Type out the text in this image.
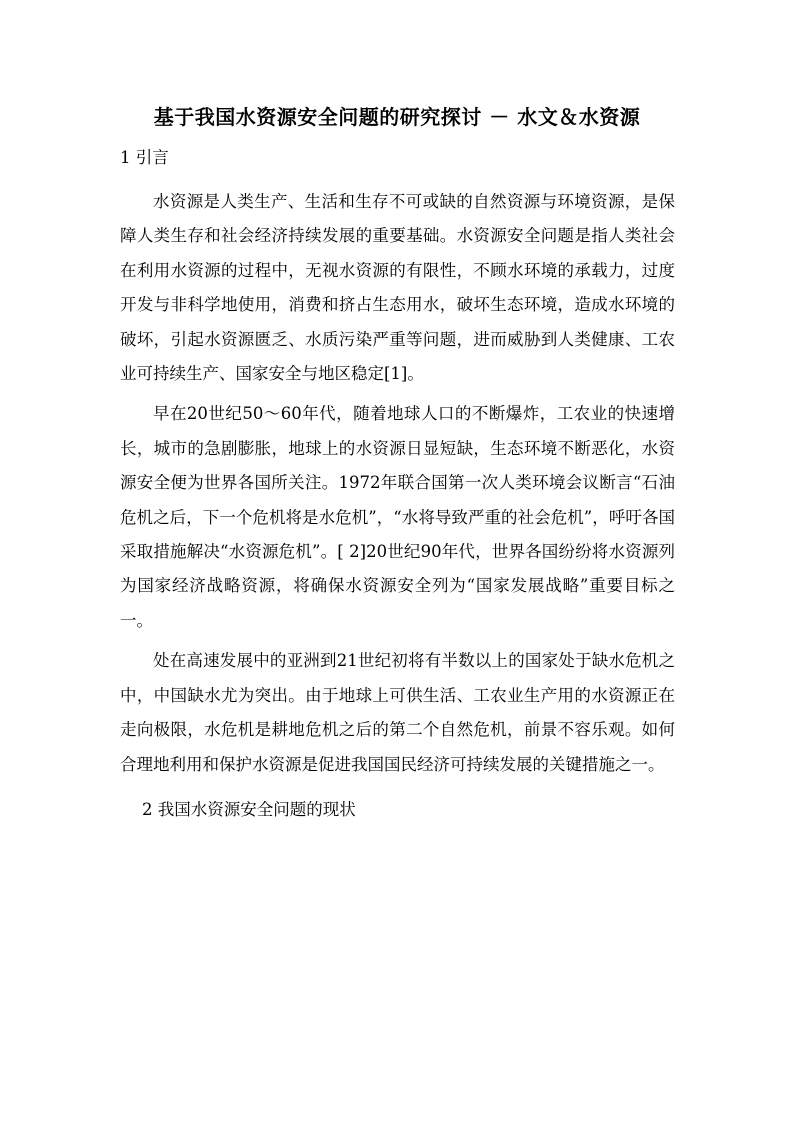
基于我国水资源安全问题的研究探讨 － 水文＆水资源
1 引言

水资源是人类生产、生活和生存不可或缺的自然资源与环境资源，是保障人类生存和社会经济持续发展的重要基础。水资源安全问题是指人类社会在利用水资源的过程中，无视水资源的有限性，不顾水环境的承载力，过度开发与非科学地使用，消费和挤占生态用水，破坏生态环境，造成水环境的破坏，引起水资源匮乏、水质污染严重等问题，进而威胁到人类健康、工农业可持续生产、国家安全与地区稳定[1]。

早在20世纪50～60年代，随着地球人口的不断爆炸，工农业的快速增长，城市的急剧膨胀，地球上的水资源日显短缺，生态环境不断恶化，水资源安全便为世界各国所关注。1972年联合国第一次人类环境会议断言“石油危机之后，下一个危机将是水危机”，“水将导致严重的社会危机”，呼吁各国采取措施解决“水资源危机”。[ 2]20世纪90年代，世界各国纷纷将水资源列为国家经济战略资源，将确保水资源安全列为“国家发展战略”重要目标之一。

处在高速发展中的亚洲到21世纪初将有半数以上的国家处于缺水危机之中，中国缺水尤为突出。由于地球上可供生活、工农业生产用的水资源正在走向极限，水危机是耕地危机之后的第二个自然危机，前景不容乐观。如何合理地利用和保护水资源是促进我国国民经济可持续发展的关键措施之一。

2 我国水资源安全问题的现状
